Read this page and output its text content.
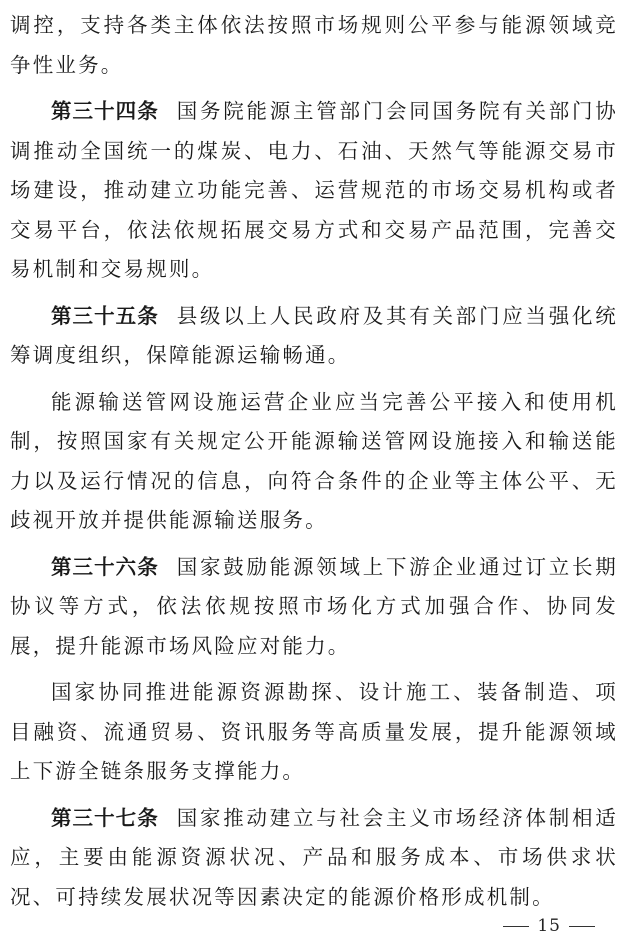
调控，支持各类主体依法按照市场规则公平参与能源领域竞争性业务。

第三十四条 国务院能源主管部门会同国务院有关部门协调推动全国统一的煤炭、电力、石油、天然气等能源交易市场建设，推动建立功能完善、运营规范的市场交易机构或者交易平台，依法依规拓展交易方式和交易产品范围，完善交易机制和交易规则。

第三十五条 县级以上人民政府及其有关部门应当强化统筹调度组织，保障能源运输畅通。

能源输送管网设施运营企业应当完善公平接入和使用机制，按照国家有关规定公开能源输送管网设施接入和输送能力以及运行情况的信息，向符合条件的企业等主体公平、无歧视开放并提供能源输送服务。

第三十六条 国家鼓励能源领域上下游企业通过订立长期协议等方式，依法依规按照市场化方式加强合作、协同发展，提升能源市场风险应对能力。

国家协同推进能源资源勘探、设计施工、装备制造、项目融资、流通贸易、资讯服务等高质量发展，提升能源领域上下游全链条服务支撑能力。

第三十七条 国家推动建立与社会主义市场经济体制相适应，主要由能源资源状况、产品和服务成本、市场供求状况、可持续发展状况等因素决定的能源价格形成机制。

15
